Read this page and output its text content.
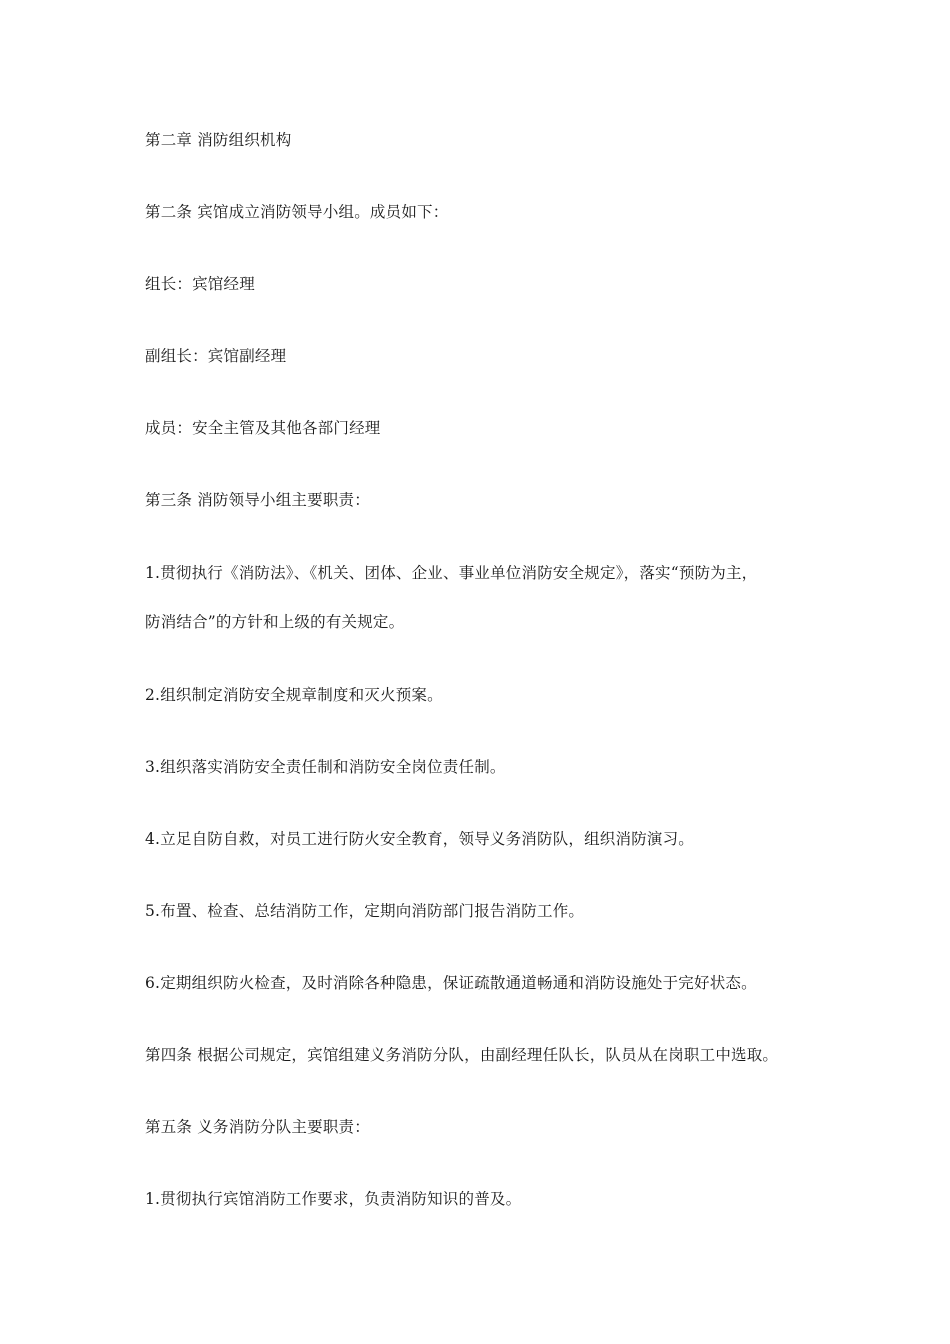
第二章 消防组织机构
第二条 宾馆成立消防领导小组。成员如下：
组长：宾馆经理
副组长：宾馆副经理
成员：安全主管及其他各部门经理
第三条 消防领导小组主要职责：
1.贯彻执行《消防法》、《机关、团体、企业、事业单位消防安全规定》，落实“预防为主，
防消结合”的方针和上级的有关规定。
2.组织制定消防安全规章制度和灭火预案。
3.组织落实消防安全责任制和消防安全岗位责任制。
4.立足自防自救，对员工进行防火安全教育，领导义务消防队，组织消防演习。
5.布置、检查、总结消防工作，定期向消防部门报告消防工作。
6.定期组织防火检查，及时消除各种隐患，保证疏散通道畅通和消防设施处于完好状态。
第四条 根据公司规定，宾馆组建义务消防分队，由副经理任队长，队员从在岗职工中选取。
第五条 义务消防分队主要职责：
1.贯彻执行宾馆消防工作要求，负责消防知识的普及。
